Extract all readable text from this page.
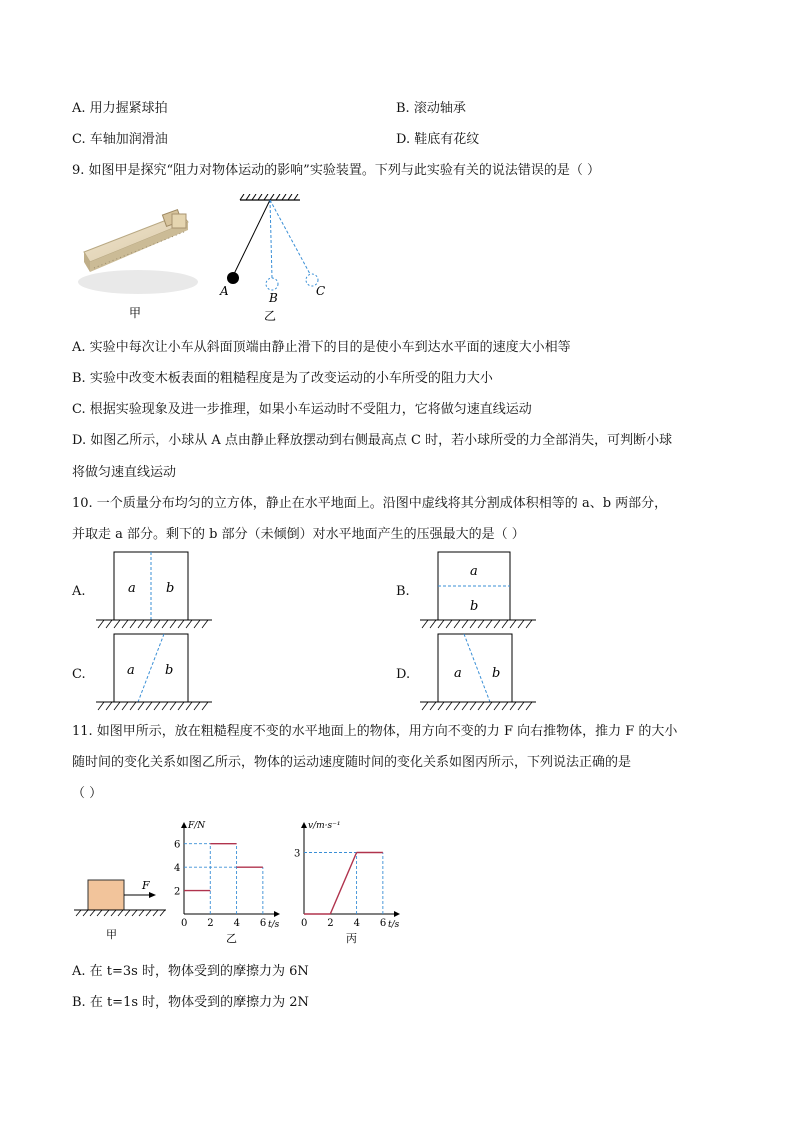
A. 用力握紧球拍	B. 滚动轴承
C. 车轴加润滑油	D. 鞋底有花纹
9. 如图甲是探究“阻力对物体运动的影响”实验装置。下列与此实验有关的说法错误的是（ ）
甲
A	B	C
乙
A. 实验中每次让小车从斜面顶端由静止滑下的目的是使小车到达水平面的速度大小相等
B. 实验中改变木板表面的粗糙程度是为了改变运动的小车所受的阻力大小
C. 根据实验现象及进一步推理，如果小车运动时不受阻力，它将做匀速直线运动
D. 如图乙所示，小球从 A 点由静止释放摆动到右侧最高点 C 时，若小球所受的力全部消失，可判断小球
将做匀速直线运动
10. 一个质量分布均匀的立方体，静止在水平地面上。沿图中虚线将其分割成体积相等的 a、b 两部分，
并取走 a 部分。剩下的 b 部分（未倾倒）对水平地面产生的压强最大的是（ ）
A.	a b	B.
a
b
C.	a b	D.	a b
11. 如图甲所示，放在粗糙程度不变的水平地面上的物体，用方向不变的力 F 向右推物体，推力 F 的大小
随时间的变化关系如图乙所示，物体的运动速度随时间的变化关系如图丙所示，下列说法正确的是
（ ）
F
甲
F/N
t/s
0 2 4 6
2
4
6
乙
v/m·s⁻¹
t/s
0 2 4 6
3
丙
A. 在 t=3s 时，物体受到的摩擦力为 6N
B. 在 t=1s 时，物体受到的摩擦力为 2N
